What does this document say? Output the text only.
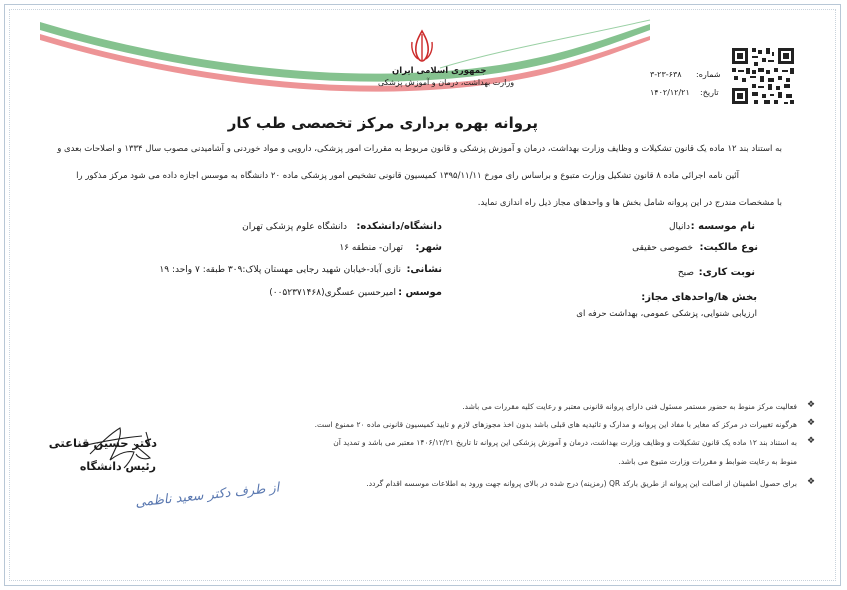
جمهوری اسلامی ایران
وزارت بهداشت، درمان و آموزش پزشکی
شماره:
۳-۲۳-۶۳۸
تاریخ:
۱۴۰۲/۱۲/۲۱
پروانه بهره برداری مرکز تخصصی طب کار
به استناد بند ۱۲ ماده یک قانون تشکیلات و وظایف وزارت بهداشت، درمان و آموزش پزشکی و قانون مربوط به مقررات امور پزشکی، دارویی و مواد خوردنی و آشامیدنی مصوب سال ۱۳۳۴ و اصلاحات بعدی و
آئین نامه اجرائی ماده ۸ قانون تشکیل وزارت متبوع و براساس رای مورخ ۱۳۹۵/۱۱/۱۱ کمیسیون قانونی تشخیص امور پزشکی ماده ۲۰ دانشگاه به موسس اجازه داده می شود مرکز مذکور را
با مشخصات مندرج در این پروانه شامل بخش ها و واحدهای مجاز ذیل راه اندازی نماید.
نام موسسه :
دانیال
نوع مالکیت:
خصوصی حقیقی
نوبت کاری:
صبح
بخش ها/واحدهای مجاز:
ارزیابی شنوایی، پزشکی عمومی، بهداشت حرفه ای
دانشگاه/دانشکده:
دانشگاه علوم پزشکی تهران
شهر:
تهران- منطقه ۱۶
نشانی:
نازی آباد-خیابان شهید رجایی مهستان پلاک:۳۰۹ طبقه: ۷ واحد: ۱۹
موسس :
امیرحسین عسگری(۰۰۵۲۳۷۱۴۶۸)
❖
فعالیت مرکز منوط به حضور مستمر مسئول فنی دارای پروانه قانونی معتبر و رعایت کلیه مقررات می باشد.
❖
هرگونه تغییرات در مرکز که مغایر با مفاد این پروانه و مدارک و تائیدیه های قبلی باشد بدون اخذ مجوزهای لازم و تایید کمیسیون قانونی ماده ۲۰ ممنوع است.
❖
به استناد بند ۱۲ ماده یک قانون تشکیلات و وظایف وزارت بهداشت، درمان و آموزش پزشکی این پروانه تا تاریخ ۱۴۰۶/۱۲/۲۱ معتبر می باشد و تمدید آن
منوط به رعایت ضوابط و مقررات وزارت متبوع می باشد.
❖
برای حصول اطمینان از اصالت این پروانه از طریق بارکد QR (رمزینه) درج شده در بالای پروانه جهت ورود به اطلاعات موسسه اقدام گردد.
دکتر حسین قناعتی
رئیس دانشگاه
از طرف دکتر سعید ناظمی
